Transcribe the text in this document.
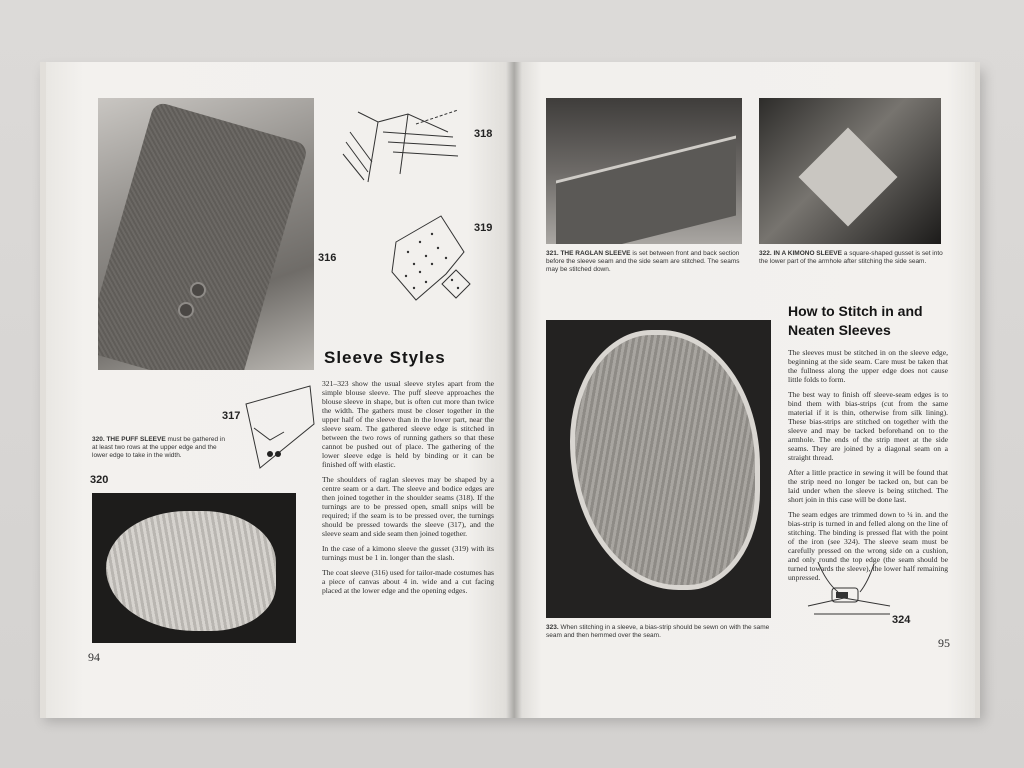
316
318
319
317
320. THE PUFF SLEEVE must be gathered in at least two rows at the upper edge and the lower edge to take in the width.
320
Sleeve Styles

321–323 show the usual sleeve styles apart from the simple blouse sleeve. The puff sleeve approaches the blouse sleeve in shape, but is often cut more than twice the width. The gathers must be closer together in the upper half of the sleeve than in the lower part, near the sleeve seam. The gathered sleeve edge is stitched in between the two rows of running gathers so that these cannot be pushed out of place. The gathering of the lower sleeve edge is held by binding or it can be finished off with elastic.

The shoulders of raglan sleeves may be shaped by a centre seam or a dart. The sleeve and bodice edges are then joined together in the shoulder seams (318). If the turnings are to be pressed open, small snips will be required; if the seam is to be pressed over, the turnings should be pressed towards the sleeve (317), and the sleeve seam and side seam then joined together.

In the case of a kimono sleeve the gusset (319) with its turnings must be 1 in. longer than the slash.

The coat sleeve (316) used for tailor-made costumes has a piece of canvas about 4 in. wide and a cut facing placed at the lower edge and the opening edges.

94
321. THE RAGLAN SLEEVE is set between front and back section before the sleeve seam and the side seam are stitched. The seams may be stitched down.
322. IN A KIMONO SLEEVE a square-shaped gusset is set into the lower part of the armhole after stitching the side seam.
323. When stitching in a sleeve, a bias-strip should be sewn on with the same seam and then hemmed over the seam.
How to Stitch in and
Neaten Sleeves

The sleeves must be stitched in on the sleeve edge, beginning at the side seam. Care must be taken that the fullness along the upper edge does not cause little folds to form.

The best way to finish off sleeve-seam edges is to bind them with bias-strips (cut from the same material if it is thin, otherwise from silk lining). These bias-strips are stitched on together with the sleeve and may be tacked beforehand on to the armhole. The ends of the strip meet at the side seams. They are joined by a diagonal seam on a straight thread.

After a little practice in sewing it will be found that the strip need no longer be tacked on, but can be laid under when the sleeve is being stitched. The short join in this case will be done last.

The seam edges are trimmed down to ¼ in. and the bias-strip is turned in and felled along on the line of stitching. The binding is pressed flat with the point of the iron (see 324). The sleeve seam must be carefully pressed on the wrong side on a cushion, and only round the top edge (the seam should be turned towards the sleeve), the lower half remaining unpressed.

324
95
